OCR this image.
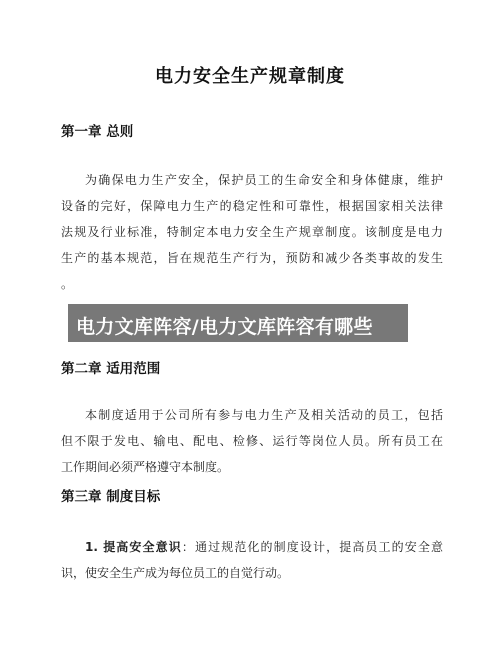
电力安全生产规章制度
第一章 总则
为确保电力生产安全，保护员工的生命安全和身体健康，维护
设备的完好，保障电力生产的稳定性和可靠性，根据国家相关法律
法规及行业标准，特制定本电力安全生产规章制度。该制度是电力
生产的基本规范，旨在规范生产行为，预防和减少各类事故的发生
。
第二章 适用范围
本制度适用于公司所有参与电力生产及相关活动的员工，包括
但不限于发电、输电、配电、检修、运行等岗位人员。所有员工在
工作期间必须严格遵守本制度。
第三章 制度目标
1. 提高安全意识：通过规范化的制度设计，提高员工的安全意
识，使安全生产成为每位员工的自觉行动。
电力文库阵容/电力文库阵容有哪些
